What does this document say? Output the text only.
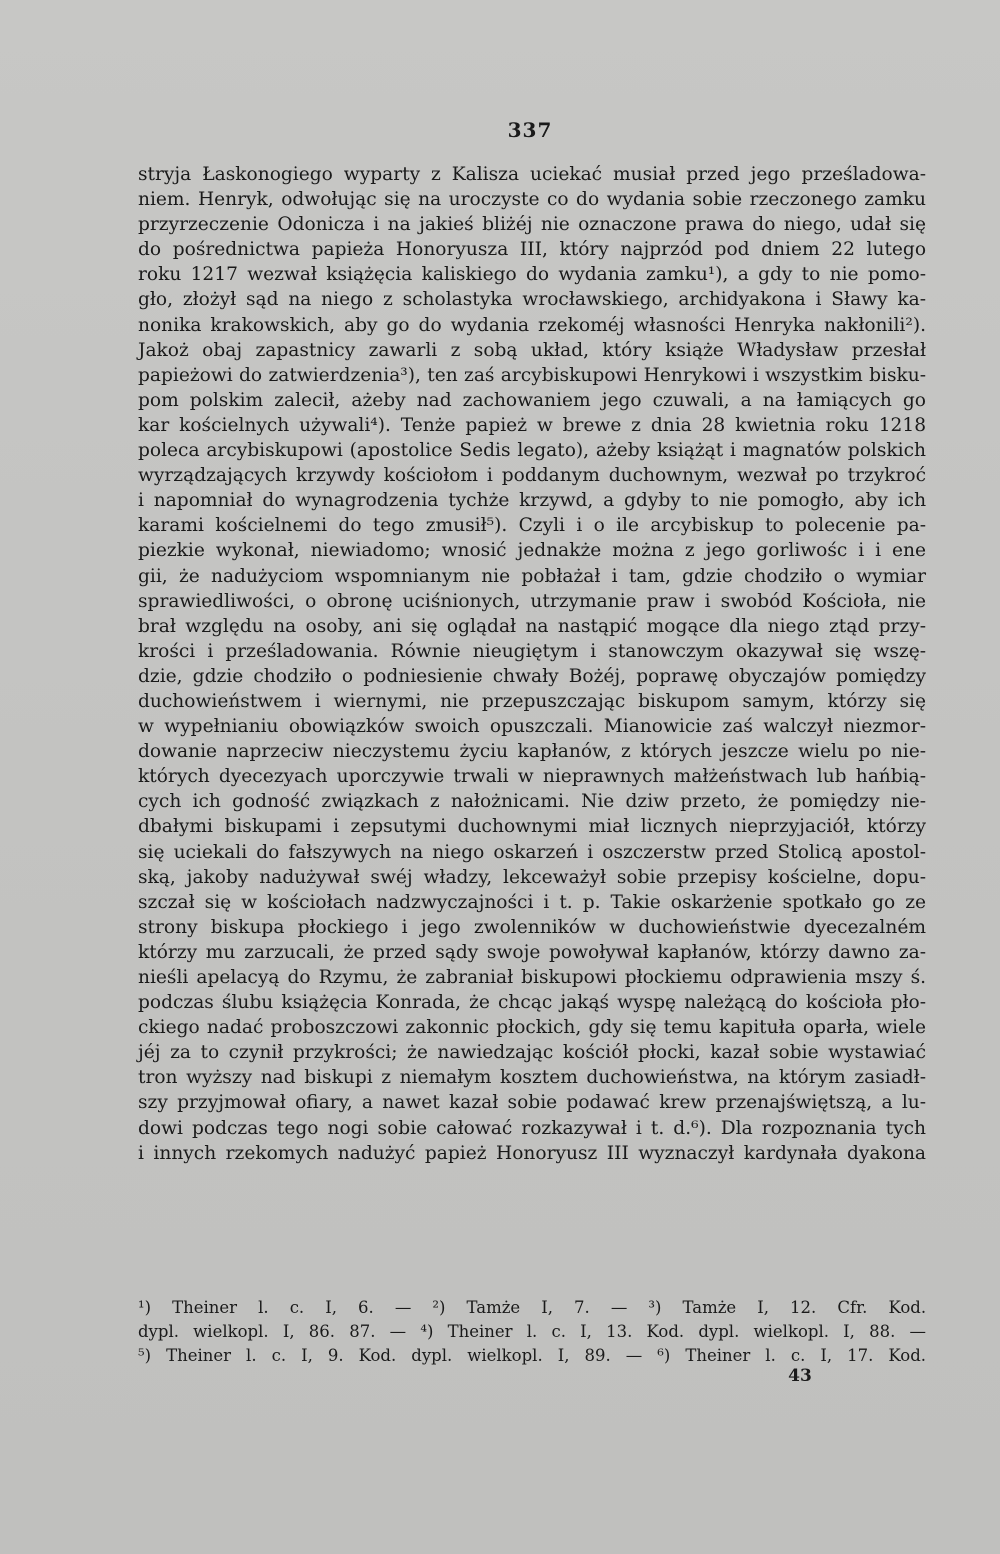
337
stryja Łaskonogiego wyparty z Kalisza uciekać musiał przed jego prześladowa-
niem. Henryk, odwołując się na uroczyste co do wydania sobie rzeczonego zamku
przyrzeczenie Odonicza i na jakieś bliżéj nie oznaczone prawa do niego, udał się
do pośrednictwa papieża Honoryusza III, który najprzód pod dniem 22 lutego
roku 1217 wezwał książęcia kaliskiego do wydania zamku¹), a gdy to nie pomo-
gło, złożył sąd na niego z scholastyka wrocławskiego, archidyakona i Sławy ka-
nonika krakowskich, aby go do wydania rzekoméj własności Henryka nakłonili²).
Jakoż obaj zapastnicy zawarli z sobą układ, który książe Władysław przesłał
papieżowi do zatwierdzenia³), ten zaś arcybiskupowi Henrykowi i wszystkim bisku-
pom polskim zalecił, ażeby nad zachowaniem jego czuwali, a na łamiących go
kar kościelnych używali⁴). Tenże papież w brewe z dnia 28 kwietnia roku 1218
poleca arcybiskupowi (apostolice Sedis legato), ażeby książąt i magnatów polskich
wyrządzających krzywdy kościołom i poddanym duchownym, wezwał po trzykroć
i napomniał do wynagrodzenia tychże krzywd, a gdyby to nie pomogło, aby ich
karami kościelnemi do tego zmusił⁵). Czyli i o ile arcybiskup to polecenie pa-
piezkie wykonał, niewiadomo; wnosić jednakże można z jego gorliwośc i i ene
gii, że nadużyciom wspomnianym nie pobłażał i tam, gdzie chodziło o wymiar
sprawiedliwości, o obronę uciśnionych, utrzymanie praw i swobód Kościoła, nie
brał względu na osoby, ani się oglądał na nastąpić mogące dla niego ztąd przy-
krości i prześladowania. Równie nieugiętym i stanowczym okazywał się wszę-
dzie, gdzie chodziło o podniesienie chwały Bożéj, poprawę obyczajów pomiędzy
duchowieństwem i wiernymi, nie przepuszczając biskupom samym, którzy się
w wypełnianiu obowiązków swoich opuszczali. Mianowicie zaś walczył niezmor-
dowanie naprzeciw nieczystemu życiu kapłanów, z których jeszcze wielu po nie-
których dyecezyach uporczywie trwali w nieprawnych małżeństwach lub hańbią-
cych ich godność związkach z nałożnicami. Nie dziw przeto, że pomiędzy nie-
dbałymi biskupami i zepsutymi duchownymi miał licznych nieprzyjaciół, którzy
się uciekali do fałszywych na niego oskarzeń i oszczerstw przed Stolicą apostol-
ską, jakoby nadużywał swéj władzy, lekceważył sobie przepisy kościelne, dopu-
szczał się w kościołach nadzwyczajności i t. p. Takie oskarżenie spotkało go ze
strony biskupa płockiego i jego zwolenników w duchowieństwie dyecezalném
którzy mu zarzucali, że przed sądy swoje powoływał kapłanów, którzy dawno za-
nieśli apelacyą do Rzymu, że zabraniał biskupowi płockiemu odprawienia mszy ś.
podczas ślubu książęcia Konrada, że chcąc jakąś wyspę należącą do kościoła pło-
ckiego nadać proboszczowi zakonnic płockich, gdy się temu kapituła oparła, wiele
jéj za to czynił przykrości; że nawiedzając kościół płocki, kazał sobie wystawiać
tron wyższy nad biskupi z niemałym kosztem duchowieństwa, na którym zasiadł-
szy przyjmował ofiary, a nawet kazał sobie podawać krew przenajświętszą, a lu-
dowi podczas tego nogi sobie całować rozkazywał i t. d.⁶). Dla rozpoznania tych
i innych rzekomych nadużyć papież Honoryusz III wyznaczył kardynała dyakona
¹) Theiner l. c. I, 6. — ²) Tamże I, 7. — ³) Tamże I, 12. Cfr. Kod.
dypl. wielkopl. I, 86. 87. — ⁴) Theiner l. c. I, 13. Kod. dypl. wielkopl. I, 88. —
⁵) Theiner l. c. I, 9. Kod. dypl. wielkopl. I, 89. — ⁶) Theiner l. c. I, 17. Kod.
43
